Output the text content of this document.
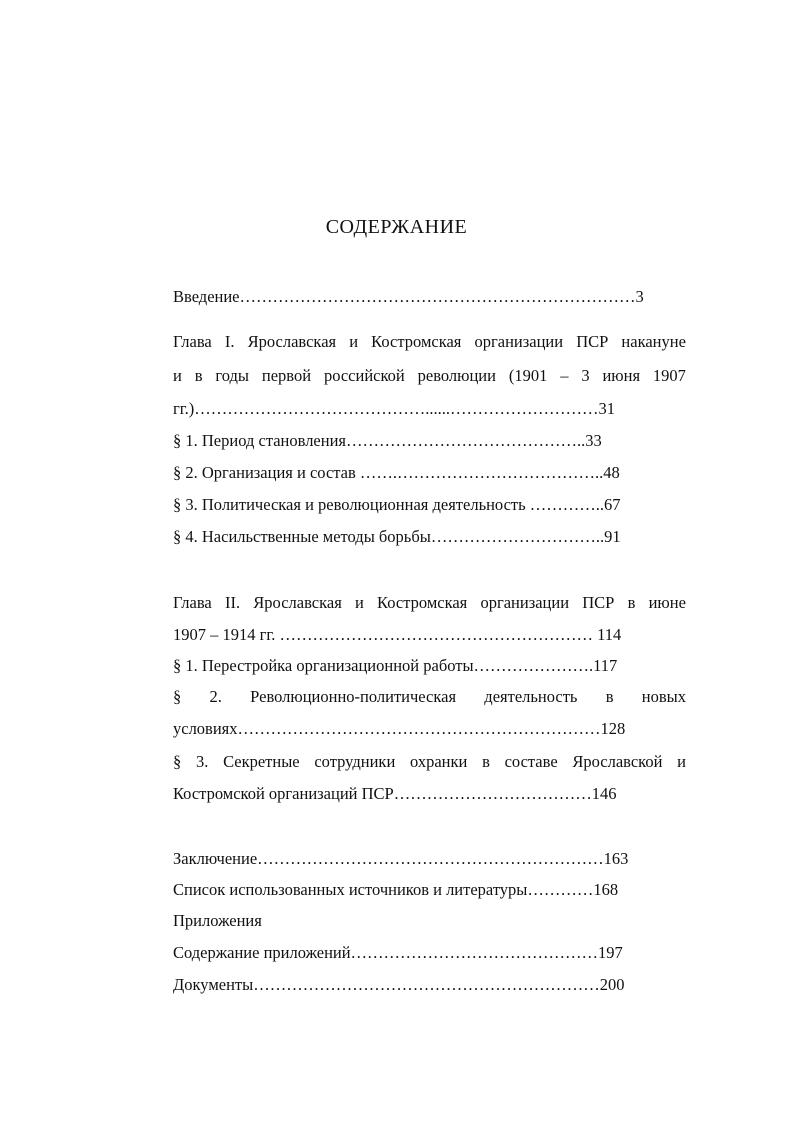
СОДЕРЖАНИЕ
Введение………………………………………………………………3
Глава I. Ярославская и Костромская организации ПСР накануне
и в годы первой российской революции (1901 – 3 июня 1907
гг.)……………………………………......………………………31
§ 1. Период становления……………………………………..33
§ 2. Организация и состав …….………………………………..48
§ 3. Политическая и революционная деятельность …………..67
§ 4. Насильственные методы борьбы…………………………..91
Глава II. Ярославская и Костромская организации ПСР в июне
1907 – 1914 гг. ………………………………………………… 114
§ 1. Перестройка организационной работы………………….117
§ 2. Революционно-политическая деятельность в новых
условиях…………………………………………………………128
§ 3. Секретные сотрудники охранки в составе Ярославской и
Костромской организаций ПСР………………………………146
Заключение………………………………………………………163
Список использованных источников и литературы…………168
Приложения
Содержание приложений………………………………………197
Документы………………………………………………………200
